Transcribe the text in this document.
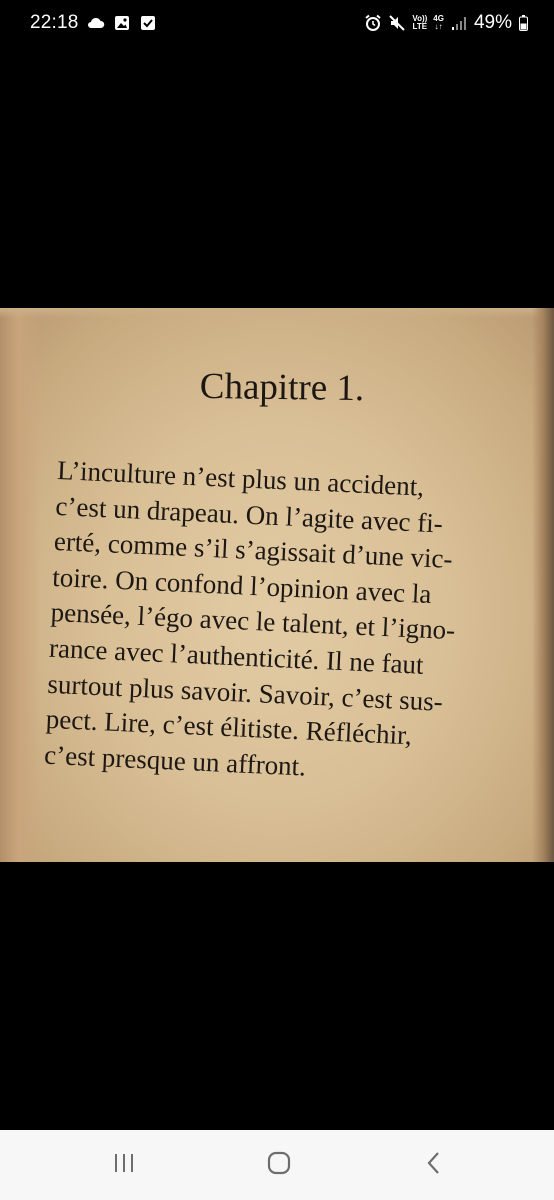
22:18	Vo))
LTE
4G
↓↑ 49%
Chapitre 1.
L’inculture n’est plus un accident,
c’est un drapeau. On l’agite avec fi-
erté, comme s’il s’agissait d’une vic-
toire. On confond l’opinion avec la
pensée, l’égo avec le talent, et l’igno-
rance avec l’authenticité. Il ne faut
surtout plus savoir. Savoir, c’est sus-
pect. Lire, c’est élitiste. Réfléchir,
c’est presque un affront.
